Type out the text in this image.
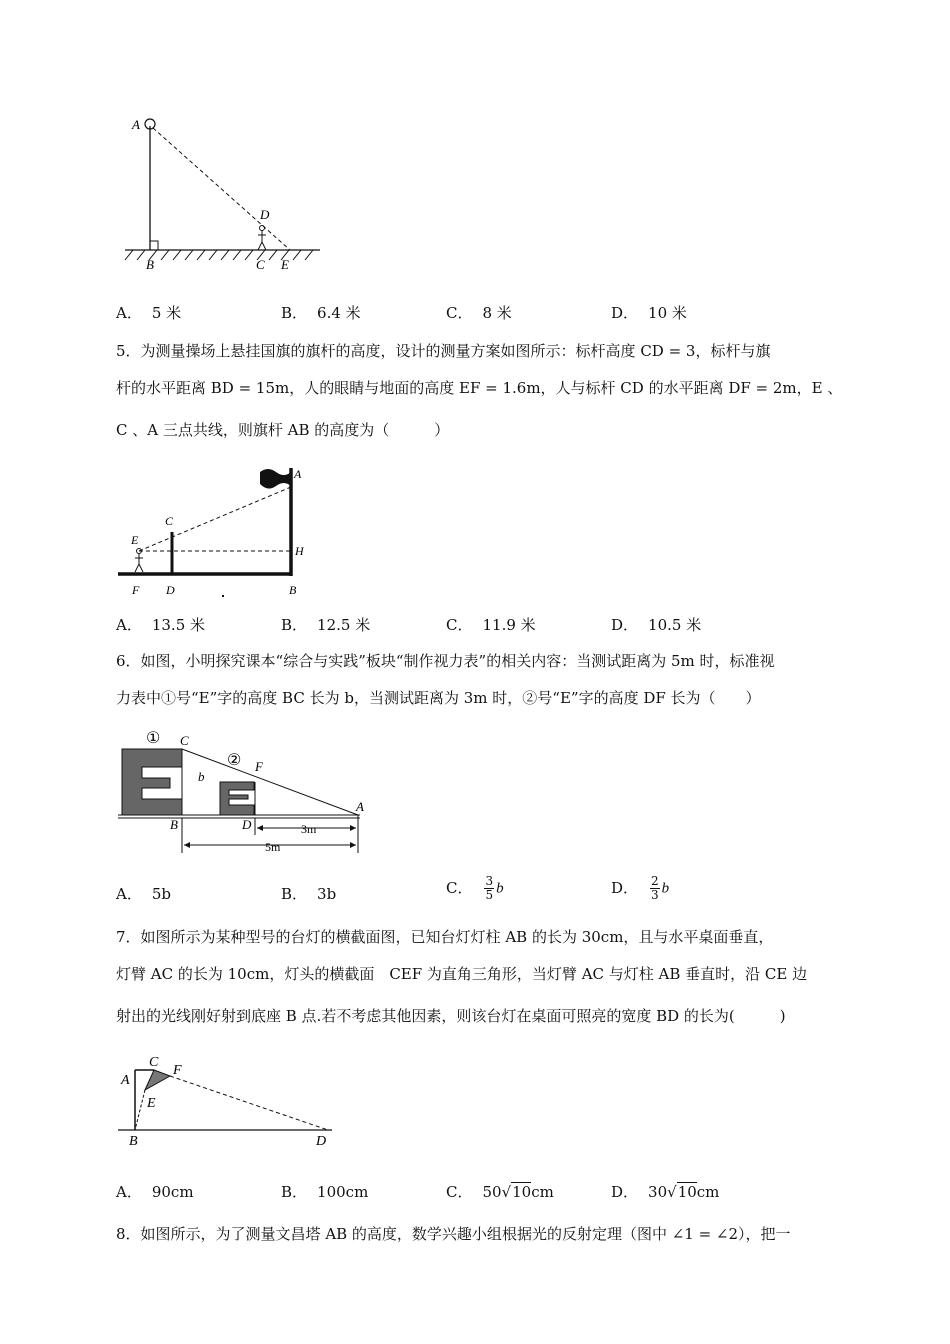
A
D
B	C E
A． 5 米	B． 6.4 米	C． 8 米	D． 10 米
5．为测量操场上悬挂国旗的旗杆的高度，设计的测量方案如图所示：标杆高度 CD = 3，标杆与旗
杆的水平距离 BD = 15m，人的眼睛与地面的高度 EF = 1.6m，人与标杆 CD 的水平距离 DF = 2m，E 、
C 、A 三点共线，则旗杆 AB 的高度为（　　　）
A
C
E
H
F D	B
A． 13.5 米	B． 12.5 米	C． 11.9 米	D． 10.5 米
6．如图，小明探究课本“综合与实践”板块“制作视力表”的相关内容：当测试距离为 5m 时，标准视
力表中①号“E”字的高度 BC 长为 b，当测试距离为 3m 时，②号“E”字的高度 DF 长为（　　）
① C
② F
b
A
B	D	3m
5m
A． 5b	B． 3b	C． $\frac{3}{5}$ b	D． $\frac{2}{3}$ b
7．如图所示为某种型号的台灯的横截面图，已知台灯灯柱 AB 的长为 30cm，且与水平桌面垂直，
灯臂 AC 的长为 10cm，灯头的横截面　CEF 为直角三角形，当灯臂 AC 与灯柱 AB 垂直时，沿 CE 边
射出的光线刚好射到底座 B 点.若不考虑其他因素，则该台灯在桌面可照亮的宽度 BD 的长为(　　　)
C
F
A
E
B	D
A． 90cm	B． 100cm	C． 50√10cm	D． 30√10cm
8．如图所示，为了测量文昌塔 AB 的高度，数学兴趣小组根据光的反射定理（图中 ∠1 = ∠2），把一
